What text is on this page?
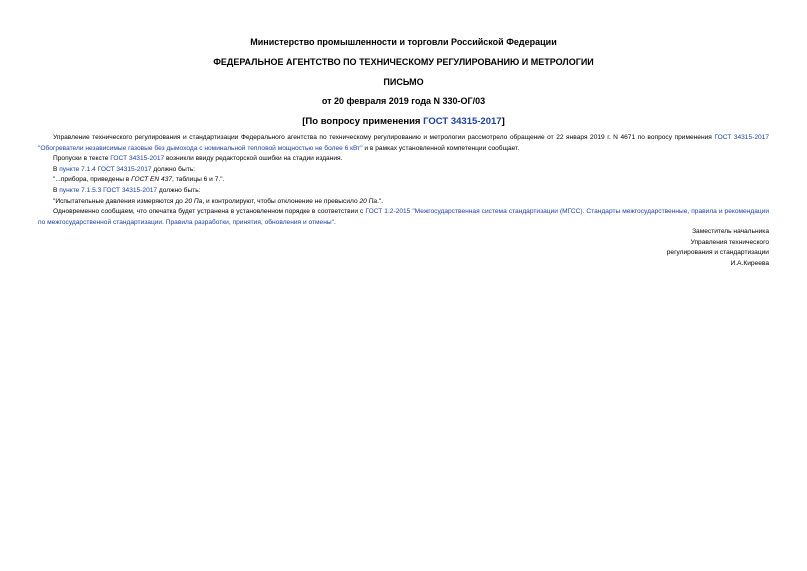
Министерство промышленности и торговли Российской Федерации
ФЕДЕРАЛЬНОЕ АГЕНТСТВО ПО ТЕХНИЧЕСКОМУ РЕГУЛИРОВАНИЮ И МЕТРОЛОГИИ
ПИСЬМО
от 20 февраля 2019 года N 330-ОГ/03
[По вопросу применения ГОСТ 34315-2017]

Управление технического регулирования и стандартизации Федерального агентства по техническому регулированию и метрологии рассмотрело обращение от 22 января 2019 г. N 4671 по вопросу применения ГОСТ 34315-2017 "Обогреватели независимые газовые без дымохода с номинальной тепловой мощностью не более 6 кВт" и в рамках установленной компетенции сообщает.

Пропуски в тексте ГОСТ 34315-2017 возникли ввиду редакторской ошибки на стадии издания.

В пункте 7.1.4 ГОСТ 34315-2017 должно быть:

"...прибора, приведены в ГОСТ EN 437, таблицы 6 и 7.".

В пункте 7.1.5.3 ГОСТ 34315-2017 должно быть:

"Испытательные давления измеряются до 20 Па, и контролируют, чтобы отклонение не превысило 20 Па.".

Одновременно сообщаем, что опечатка будет устранена в установленном порядке в соответствии с ГОСТ 1.2-2015 "Межгосударственная система стандартизации (МГСС). Стандарты межгосударственные, правила и рекомендации по межгосударственной стандартизации. Правила разработки, принятия, обновления и отмены".

Заместитель начальника
Управления технического
регулирования и стандартизации
И.А.Киреева
